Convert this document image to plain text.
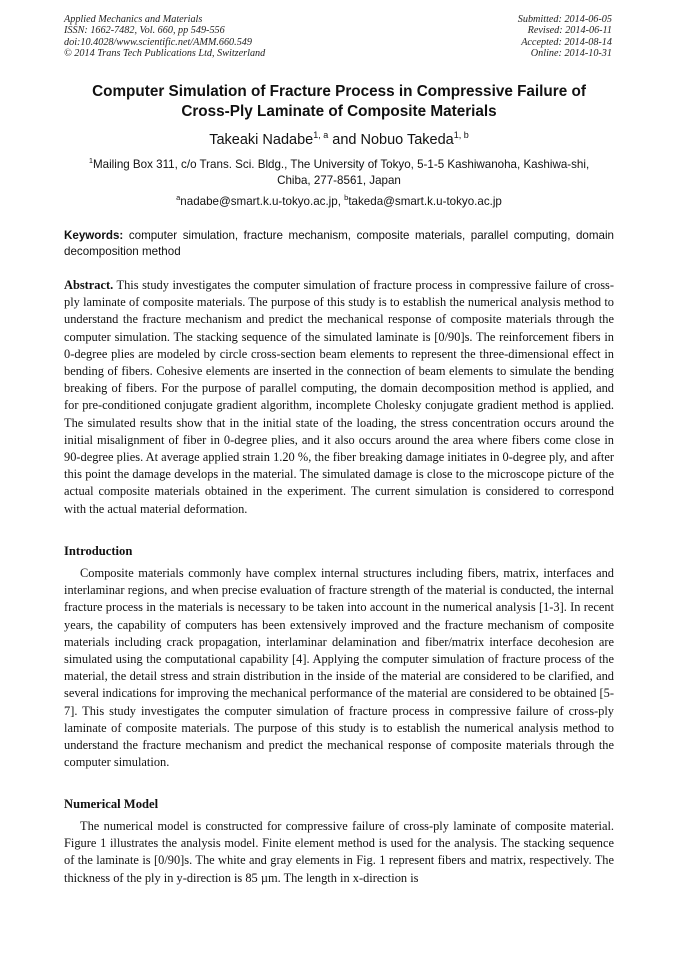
Applied Mechanics and Materials
ISSN: 1662-7482, Vol. 660, pp 549-556
doi:10.4028/www.scientific.net/AMM.660.549
© 2014 Trans Tech Publications Ltd, Switzerland
Submitted: 2014-06-05
Revised: 2014-06-11
Accepted: 2014-08-14
Online: 2014-10-31
Computer Simulation of Fracture Process in Compressive Failure of
Cross-Ply Laminate of Composite Materials
Takeaki Nadabe$^{1, a}$ and Nobuo Takeda$^{1, b}$
$^1$Mailing Box 311, c/o Trans. Sci. Bldg., The University of Tokyo, 5-1-5 Kashiwanoha, Kashiwa-shi,
Chiba, 277-8561, Japan
$^a$nadabe@smart.k.u-tokyo.ac.jp, $^b$takeda@smart.k.u-tokyo.ac.jp
Keywords: computer simulation, fracture mechanism, composite materials, parallel computing, domain decomposition method
Abstract. This study investigates the computer simulation of fracture process in compressive failure of cross-ply laminate of composite materials. The purpose of this study is to establish the numerical analysis method to understand the fracture mechanism and predict the mechanical response of composite materials through the computer simulation. The stacking sequence of the simulated laminate is [0/90]s. The reinforcement fibers in 0-degree plies are modeled by circle cross-section beam elements to represent the three-dimensional effect in bending of fibers. Cohesive elements are inserted in the connection of beam elements to simulate the bending breaking of fibers. For the purpose of parallel computing, the domain decomposition method is applied, and for pre-conditioned conjugate gradient algorithm, incomplete Cholesky conjugate gradient method is applied. The simulated results show that in the initial state of the loading, the stress concentration occurs around the initial misalignment of fiber in 0-degree plies, and it also occurs around the area where fibers come close in 90-degree plies. At average applied strain 1.20 %, the fiber breaking damage initiates in 0-degree ply, and after this point the damage develops in the material. The simulated damage is close to the microscope picture of the actual composite materials obtained in the experiment. The current simulation is considered to correspond with the actual material deformation.
Introduction
Composite materials commonly have complex internal structures including fibers, matrix, interfaces and interlaminar regions, and when precise evaluation of fracture strength of the material is conducted, the internal fracture process in the materials is necessary to be taken into account in the numerical analysis [1-3]. In recent years, the capability of computers has been extensively improved and the fracture mechanism of composite materials including crack propagation, interlaminar delamination and fiber/matrix interface decohesion are simulated using the computational capability [4]. Applying the computer simulation of fracture process of the material, the detail stress and strain distribution in the inside of the material are considered to be clarified, and several indications for improving the mechanical performance of the material are considered to be obtained [5-7]. This study investigates the computer simulation of fracture process in compressive failure of cross-ply laminate of composite materials. The purpose of this study is to establish the numerical analysis method to understand the fracture mechanism and predict the mechanical response of composite materials through the computer simulation.
Numerical Model
The numerical model is constructed for compressive failure of cross-ply laminate of composite material. Figure 1 illustrates the analysis model. Finite element method is used for the analysis. The stacking sequence of the laminate is [0/90]s. The white and gray elements in Fig. 1 represent fibers and matrix, respectively. The thickness of the ply in y-direction is 85 µm. The length in x-direction is
